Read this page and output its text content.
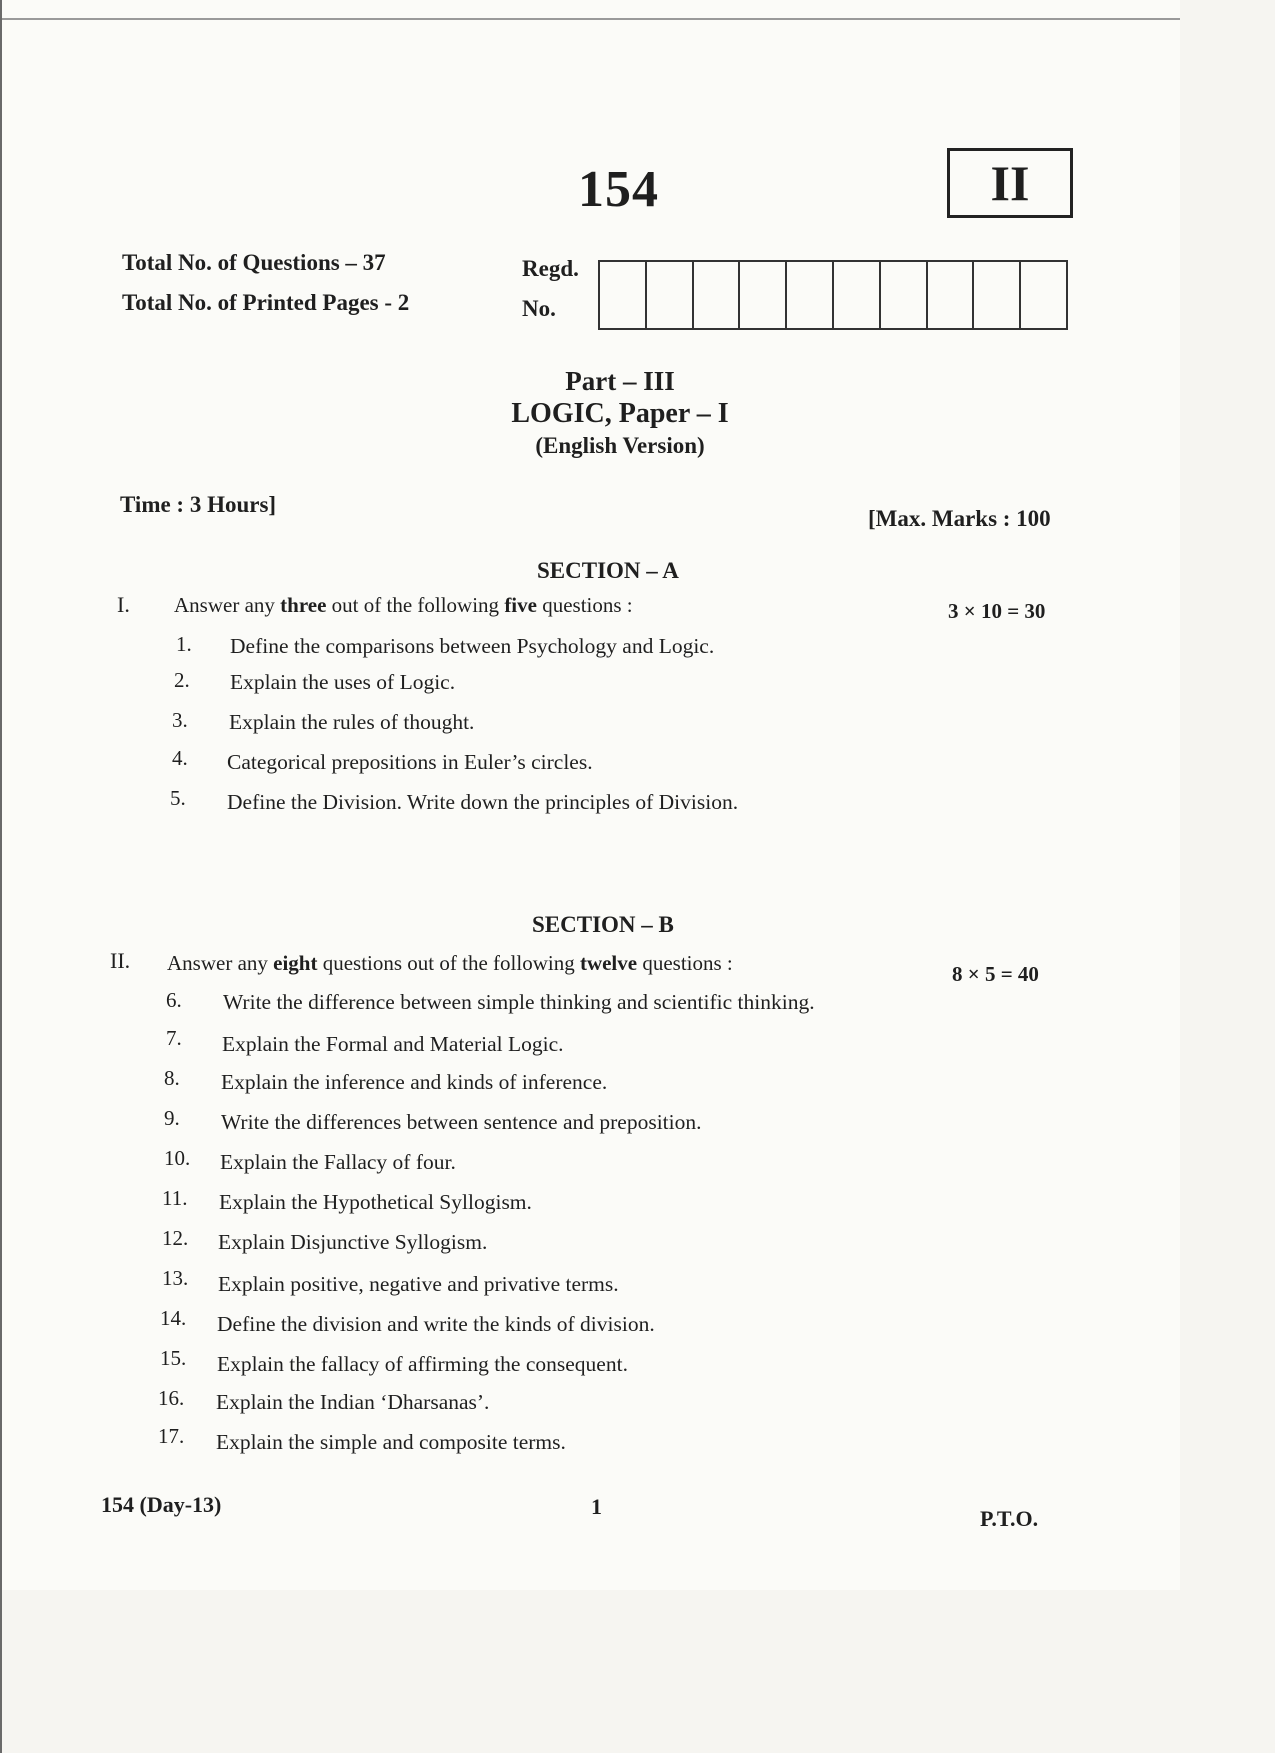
154	II
Total No. of Questions – 37
Total No. of Printed Pages - 2
Regd.
No.
Part – III
LOGIC, Paper – I
(English Version)
Time : 3 Hours]
[Max. Marks : 100
SECTION – A
I. Answer any three out of the following five questions :	3 × 10 = 30
1. Define the comparisons between Psychology and Logic.
2. Explain the uses of Logic.
3. Explain the rules of thought.
4. Categorical prepositions in Euler’s circles.
5. Define the Division. Write down the principles of Division.
SECTION – B
II. Answer any eight questions out of the following twelve questions :	8 × 5 = 40
6. Write the difference between simple thinking and scientific thinking.
7. Explain the Formal and Material Logic.
8. Explain the inference and kinds of inference.
9. Write the differences between sentence and preposition.
10. Explain the Fallacy of four.
11. Explain the Hypothetical Syllogism.
12. Explain Disjunctive Syllogism.
13. Explain positive, negative and privative terms.
14. Define the division and write the kinds of division.
15. Explain the fallacy of affirming the consequent.
16. Explain the Indian ‘Dharsanas’.
17. Explain the simple and composite terms.
154 (Day-13)	1	P.T.O.
